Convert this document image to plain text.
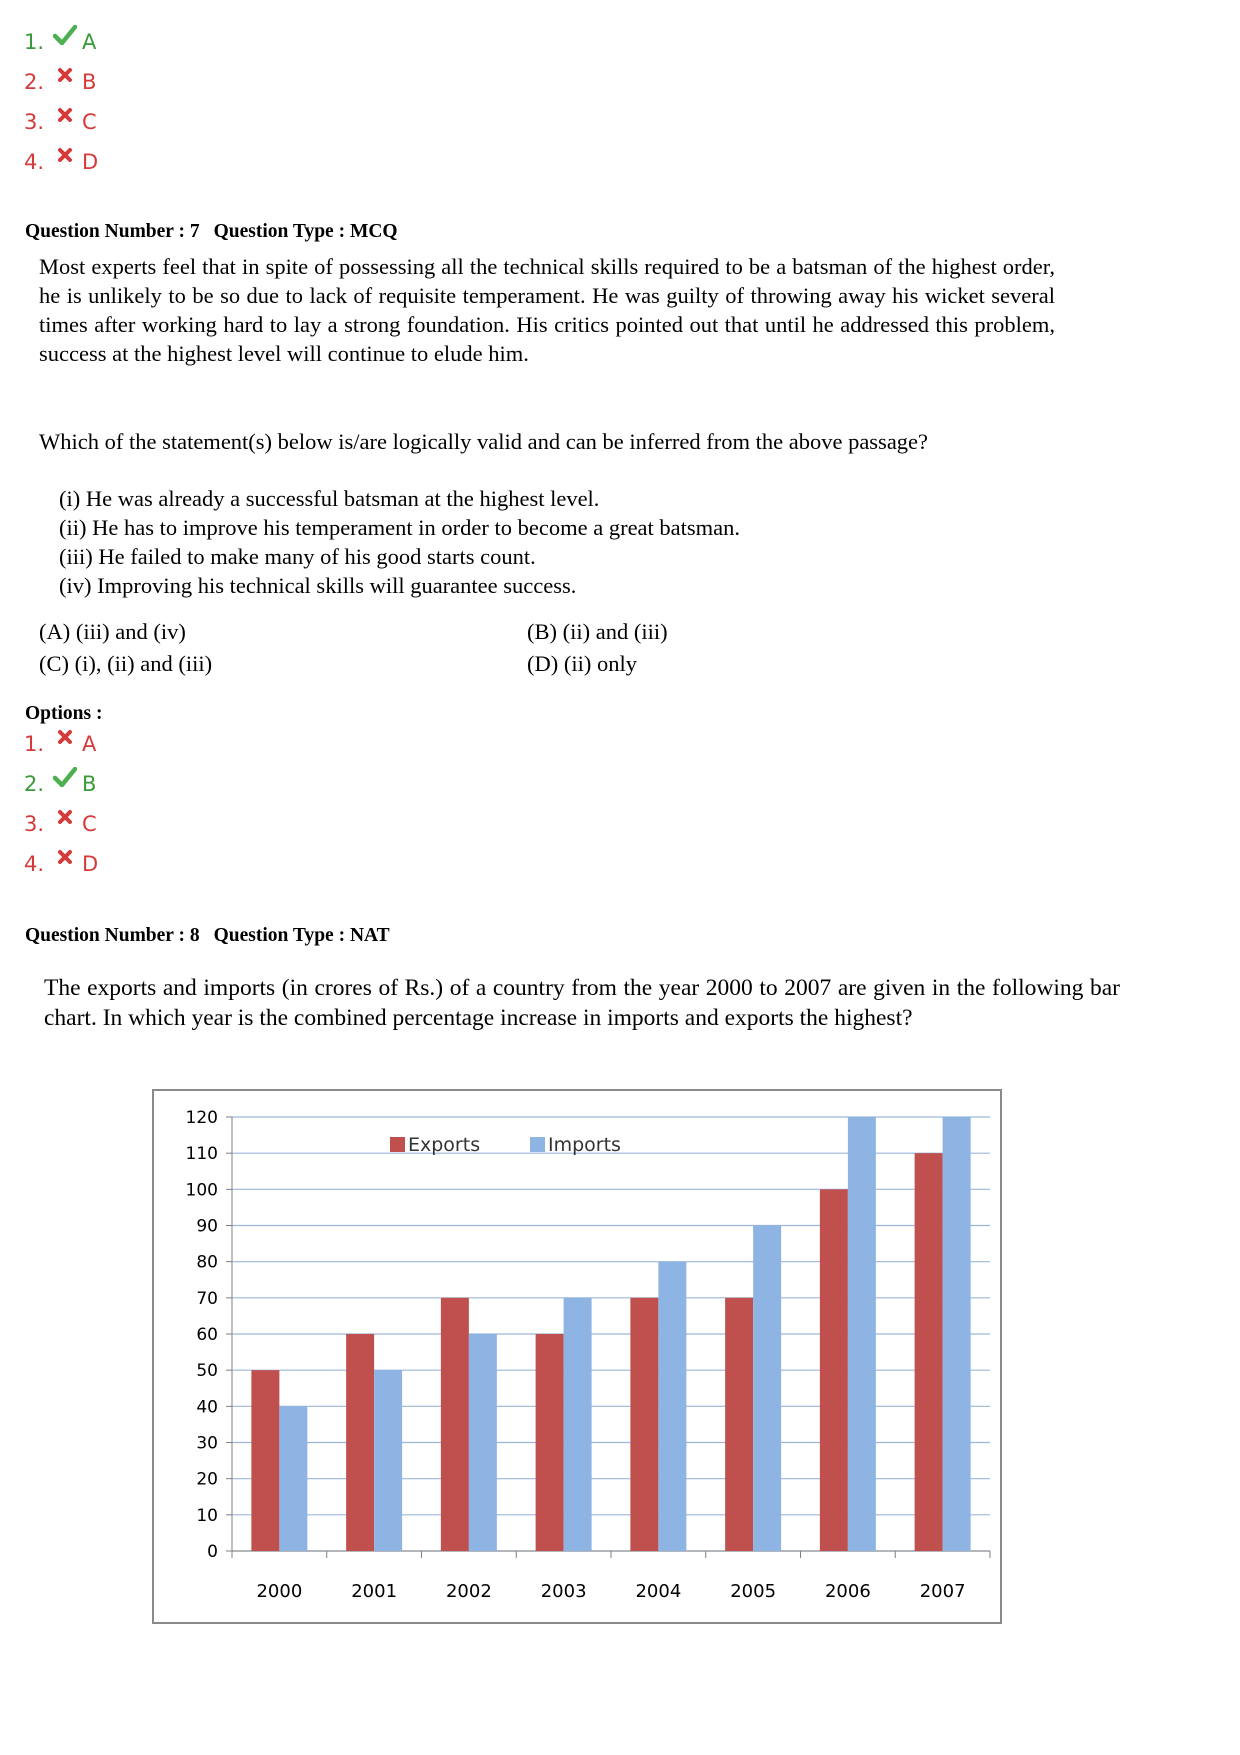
1.	A
2.	B
3.	C
4.	D
Question Number : 7 Question Type : MCQ
Most experts feel that in spite of possessing all the technical skills required to be a batsman of the highest order, he is unlikely to be so due to lack of requisite temperament. He was guilty of throwing away his wicket several times after working hard to lay a strong foundation. His critics pointed out that until he addressed this problem, success at the highest level will continue to elude him.
Which of the statement(s) below is/are logically valid and can be inferred from the above passage?
(i) He was already a successful batsman at the highest level.
(ii) He has to improve his temperament in order to become a great batsman.
(iii) He failed to make many of his good starts count.
(iv) Improving his technical skills will guarantee success.
(A) (iii) and (iv)	(B) (ii) and (iii)
(C) (i), (ii) and (iii)	(D) (ii) only
Options :
1.	A
2.	B
3.	C
4.	D
Question Number : 8 Question Type : NAT
The exports and imports (in crores of Rs.) of a country from the year 2000 to 2007 are given in the following bar chart. In which year is the combined percentage increase in imports and exports the highest?
0
10
20
30
40
50
60
70
80
90
100
110
120
2000	2001	2002	2003	2004	2005	2006	2007
Exports	Imports
